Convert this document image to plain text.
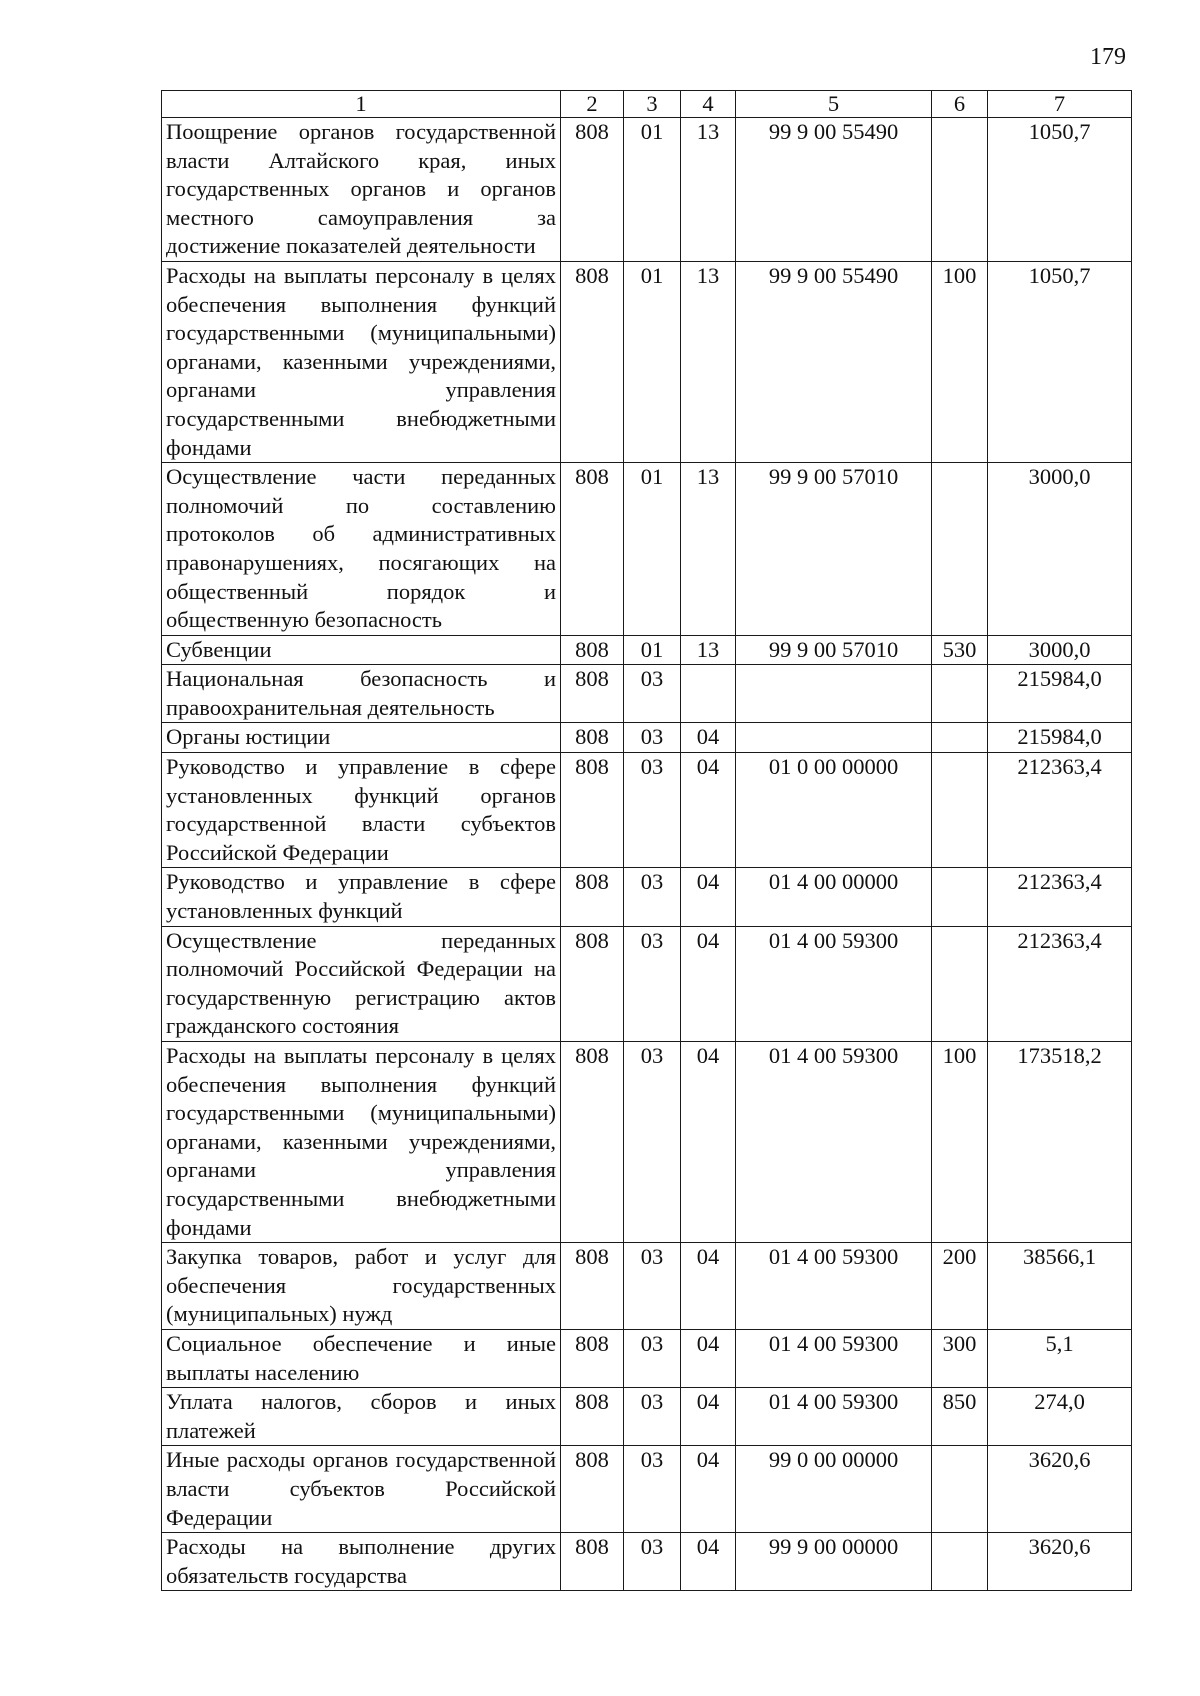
179
1	2	3	4	5	6	7
Поощрение органов государственной власти Алтайского края, иных государственных органов и органов местного самоуправления за достижение показателей деятельности	808	01	13	99 9 00 55490		1050,7
Расходы на выплаты персоналу в целях обеспечения выполнения функций государственными (муниципальными) органами, казенными учреждениями, органами управления государственными внебюджетными фондами	808	01	13	99 9 00 55490	100	1050,7
Осуществление части переданных полномочий по составлению протоколов об административных правонарушениях, посягающих на общественный порядок и общественную безопасность	808	01	13	99 9 00 57010		3000,0
Субвенции	808	01	13	99 9 00 57010	530	3000,0
Национальная безопасность и правоохранительная деятельность	808	03				215984,0
Органы юстиции	808	03	04			215984,0
Руководство и управление в сфере установленных функций органов государственной власти субъектов Российской Федерации	808	03	04	01 0 00 00000		212363,4
Руководство и управление в сфере установленных функций	808	03	04	01 4 00 00000		212363,4
Осуществление переданных полномочий Российской Федерации на государственную регистрацию актов гражданского состояния	808	03	04	01 4 00 59300		212363,4
Расходы на выплаты персоналу в целях обеспечения выполнения функций государственными (муниципальными) органами, казенными учреждениями, органами управления государственными внебюджетными фондами	808	03	04	01 4 00 59300	100	173518,2
Закупка товаров, работ и услуг для обеспечения государственных (муниципальных) нужд	808	03	04	01 4 00 59300	200	38566,1
Социальное обеспечение и иные выплаты населению	808	03	04	01 4 00 59300	300	5,1
Уплата налогов, сборов и иных платежей	808	03	04	01 4 00 59300	850	274,0
Иные расходы органов государственной власти субъектов Российской Федерации	808	03	04	99 0 00 00000		3620,6
Расходы на выполнение других обязательств государства	808	03	04	99 9 00 00000		3620,6
